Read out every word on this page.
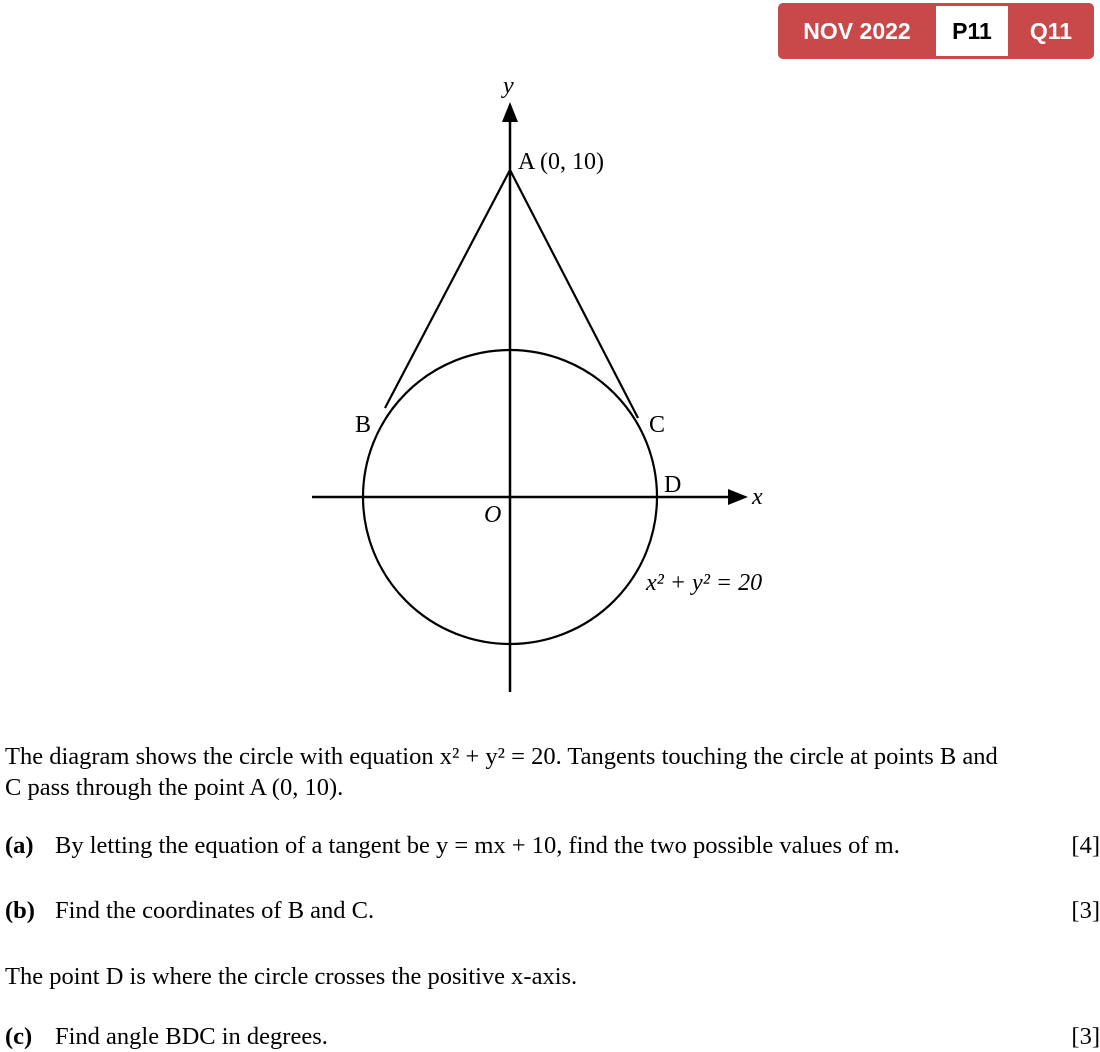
NOV 2022	P11	Q11
y
A (0, 10)
B	C
D	x
O
x² + y² = 20
The diagram shows the circle with equation x² + y² = 20. Tangents touching the circle at points B and
C pass through the point A (0, 10).
(a) By letting the equation of a tangent be y = mx + 10, find the two possible values of m.	[4]
(b) Find the coordinates of B and C.	[3]
The point D is where the circle crosses the positive x-axis.
(c) Find angle BDC in degrees.	[3]
